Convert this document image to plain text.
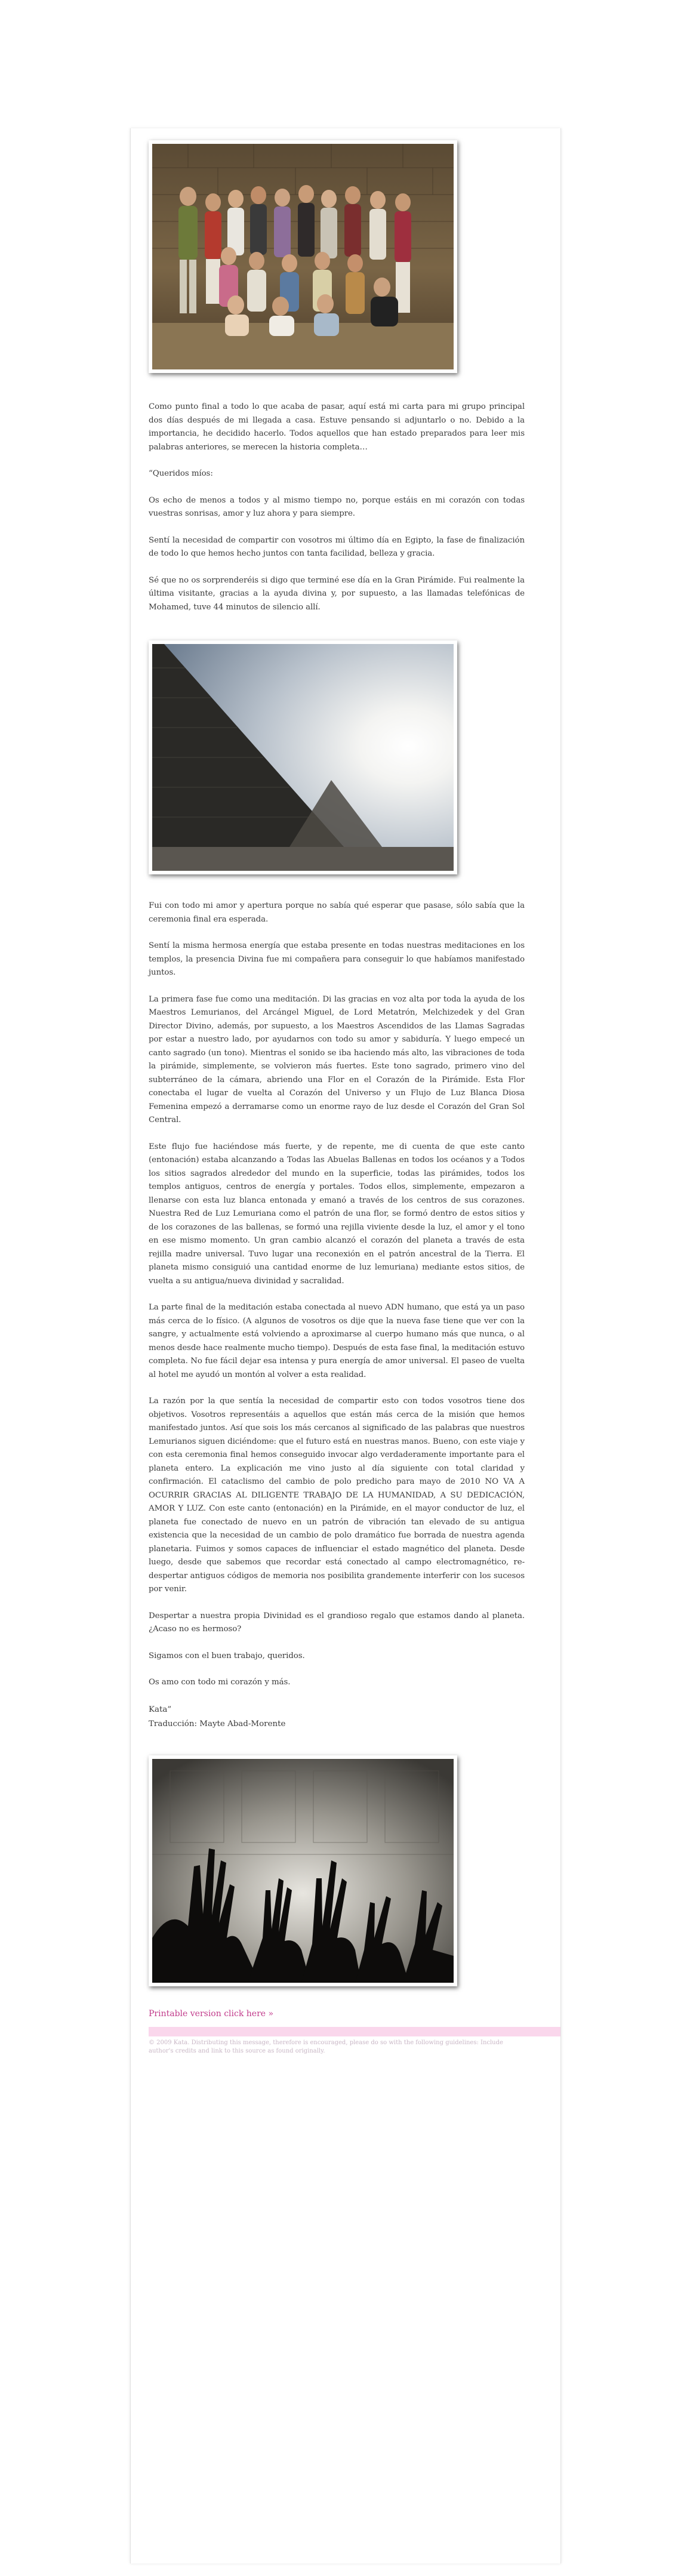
Como punto final a todo lo que acaba de pasar, aquí está mi carta para mi grupo principal dos días después de mi llegada a casa. Estuve pensando si adjuntarlo o no. Debido a la importancia, he decidido hacerlo. Todos aquellos que han estado preparados para leer mis palabras anteriores, se merecen la historia completa…

“Queridos míos:

Os echo de menos a todos y al mismo tiempo no, porque estáis en mi corazón con todas vuestras sonrisas, amor y luz ahora y para siempre.

Sentí la necesidad de compartir con vosotros mi último día en Egipto, la fase de finalización de todo lo que hemos hecho juntos con tanta facilidad, belleza y gracia.

Sé que no os sorprenderéis si digo que terminé ese día en la Gran Pirámide. Fui realmente la última visitante, gracias a la ayuda divina y, por supuesto, a las llamadas telefónicas de Mohamed, tuve 44 minutos de silencio allí.

Fui con todo mi amor y apertura porque no sabía qué esperar que pasase, sólo sabía que la ceremonia final era esperada.

Sentí la misma hermosa energía que estaba presente en todas nuestras meditaciones en los templos, la presencia Divina fue mi compañera para conseguir lo que habíamos manifestado juntos.

La primera fase fue como una meditación. Di las gracias en voz alta por toda la ayuda de los Maestros Lemurianos, del Arcángel Miguel, de Lord Metatrón, Melchizedek y del Gran Director Divino, además, por supuesto, a los Maestros Ascendidos de las Llamas Sagradas por estar a nuestro lado, por ayudarnos con todo su amor y sabiduría. Y luego empecé un canto sagrado (un tono). Mientras el sonido se iba haciendo más alto, las vibraciones de toda la pirámide, simplemente, se volvieron más fuertes. Este tono sagrado, primero vino del subterráneo de la cámara, abriendo una Flor en el Corazón de la Pirámide. Esta Flor conectaba el lugar de vuelta al Corazón del Universo y un Flujo de Luz Blanca Diosa Femenina empezó a derramarse como un enorme rayo de luz desde el Corazón del Gran Sol Central.

Este flujo fue haciéndose más fuerte, y de repente, me di cuenta de que este canto (entonación) estaba alcanzando a Todas las Abuelas Ballenas en todos los océanos y a Todos los sitios sagrados alrededor del mundo en la superficie, todas las pirámides, todos los templos antiguos, centros de energía y portales. Todos ellos, simplemente, empezaron a llenarse con esta luz blanca entonada y emanó a través de los centros de sus corazones. Nuestra Red de Luz Lemuriana como el patrón de una flor, se formó dentro de estos sitios y de los corazones de las ballenas, se formó una rejilla viviente desde la luz, el amor y el tono en ese mismo momento. Un gran cambio alcanzó el corazón del planeta a través de esta rejilla madre universal. Tuvo lugar una reconexión en el patrón ancestral de la Tierra. El planeta mismo consiguió una cantidad enorme de luz lemuriana) mediante estos sitios, de vuelta a su antigua/nueva divinidad y sacralidad.

La parte final de la meditación estaba conectada al nuevo ADN humano, que está ya un paso más cerca de lo físico. (A algunos de vosotros os dije que la nueva fase tiene que ver con la sangre, y actualmente está volviendo a aproximarse al cuerpo humano más que nunca, o al menos desde hace realmente mucho tiempo). Después de esta fase final, la meditación estuvo completa. No fue fácil dejar esa intensa y pura energía de amor universal. El paseo de vuelta al hotel me ayudó un montón al volver a esta realidad.

La razón por la que sentía la necesidad de compartir esto con todos vosotros tiene dos objetivos. Vosotros representáis a aquellos que están más cerca de la misión que hemos manifestado juntos. Así que sois los más cercanos al significado de las palabras que nuestros Lemurianos siguen diciéndome: que el futuro está en nuestras manos. Bueno, con este viaje y con esta ceremonia final hemos conseguido invocar algo verdaderamente importante para el planeta entero. La explicación me vino justo al día siguiente con total claridad y confirmación. El cataclismo del cambio de polo predicho para mayo de 2010 NO VA A OCURRIR GRACIAS AL DILIGENTE TRABAJO DE LA HUMANIDAD, A SU DEDICACIÓN, AMOR Y LUZ. Con este canto (entonación) en la Pirámide, en el mayor conductor de luz, el planeta fue conectado de nuevo en un patrón de vibración tan elevado de su antigua existencia que la necesidad de un cambio de polo dramático fue borrada de nuestra agenda planetaria. Fuimos y somos capaces de influenciar el estado magnético del planeta. Desde luego, desde que sabemos que recordar está conectado al campo electromagnético, re-despertar antiguos códigos de memoria nos posibilita grandemente interferir con los sucesos por venir.

Despertar a nuestra propia Divinidad es el grandioso regalo que estamos dando al planeta. ¿Acaso no es hermoso?

Sigamos con el buen trabajo, queridos.

Os amo con todo mi corazón y más.

Kata”
Traducción: Mayte Abad-Morente
Printable version click here »
© 2009 Kata. Distributing this message, therefore is encouraged, please do so with the following guidelines: Include author's credits and link to this source as found originally.
